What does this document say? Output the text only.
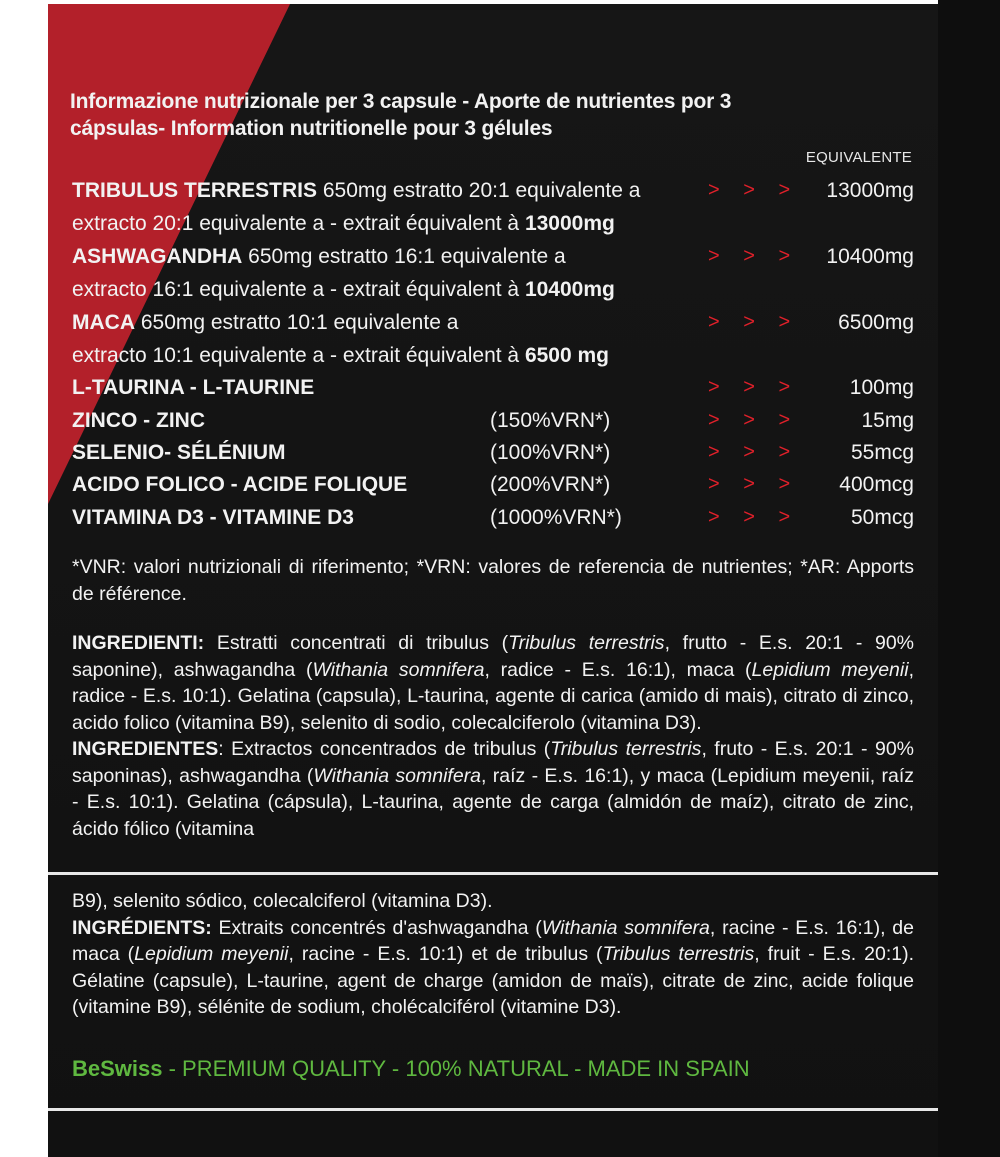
Informazione nutrizionale per 3 capsule - Aporte de nutrientes por 3
cápsulas- Information nutritionelle pour 3 gélules
EQUIVALENTE
TRIBULUS TERRESTRIS 650mg estratto 20:1 equivalente a	> > > 13000mg
extracto 20:1 equivalente a - extrait équivalent à 13000mg
ASHWAGANDHA 650mg estratto 16:1 equivalente a	> > > 10400mg
extracto 16:1 equivalente a - extrait équivalent à 10400mg
MACA 650mg estratto 10:1 equivalente a	> > > 6500mg
extracto 10:1 equivalente a - extrait équivalent à 6500 mg
L-TAURINA - L-TAURINE	> > > 100mg
ZINCO - ZINC	(150%VRN*)	> > >	15mg
SELENIO- SÉLÉNIUM	(100%VRN*)	> > > 55mcg
ACIDO FOLICO - ACIDE FOLIQUE	(200%VRN*)	> > > 400mcg
VITAMINA D3 - VITAMINE D3	(1000%VRN*)	> > > 50mcg
*VNR: valori nutrizionali di riferimento; *VRN: valores de referencia de nutrientes; *AR: Apports de référence.
INGREDIENTI: Estratti concentrati di tribulus (Tribulus terrestris, frutto - E.s. 20:1 - 90% saponine), ashwagandha (Withania somnifera, radice - E.s. 16:1), maca (Lepidium meyenii, radice - E.s. 10:1). Gelatina (capsula), L-taurina, agente di carica (amido di mais), citrato di zinco, acido folico (vitamina B9), selenito di sodio, colecalciferolo (vitamina D3).
INGREDIENTES: Extractos concentrados de tribulus (Tribulus terrestris, fruto - E.s. 20:1 - 90% saponinas), ashwagandha (Withania somnifera, raíz - E.s. 16:1), y maca (Lepidium meyenii, raíz - E.s. 10:1). Gelatina (cápsula), L-taurina, agente de carga (almidón de maíz), citrato de zinc, ácido fólico (vitamina
B9), selenito sódico, colecalciferol (vitamina D3).
INGRÉDIENTS: Extraits concentrés d'ashwagandha (Withania somnifera, racine - E.s. 16:1), de maca (Lepidium meyenii, racine - E.s. 10:1) et de tribulus (Tribulus terrestris, fruit - E.s. 20:1). Gélatine (capsule), L-taurine, agent de charge (amidon de maïs), citrate de zinc, acide folique (vitamine B9), sélénite de sodium, cholécalciférol (vitamine D3).
BeSwiss - PREMIUM QUALITY - 100% NATURAL - MADE IN SPAIN
